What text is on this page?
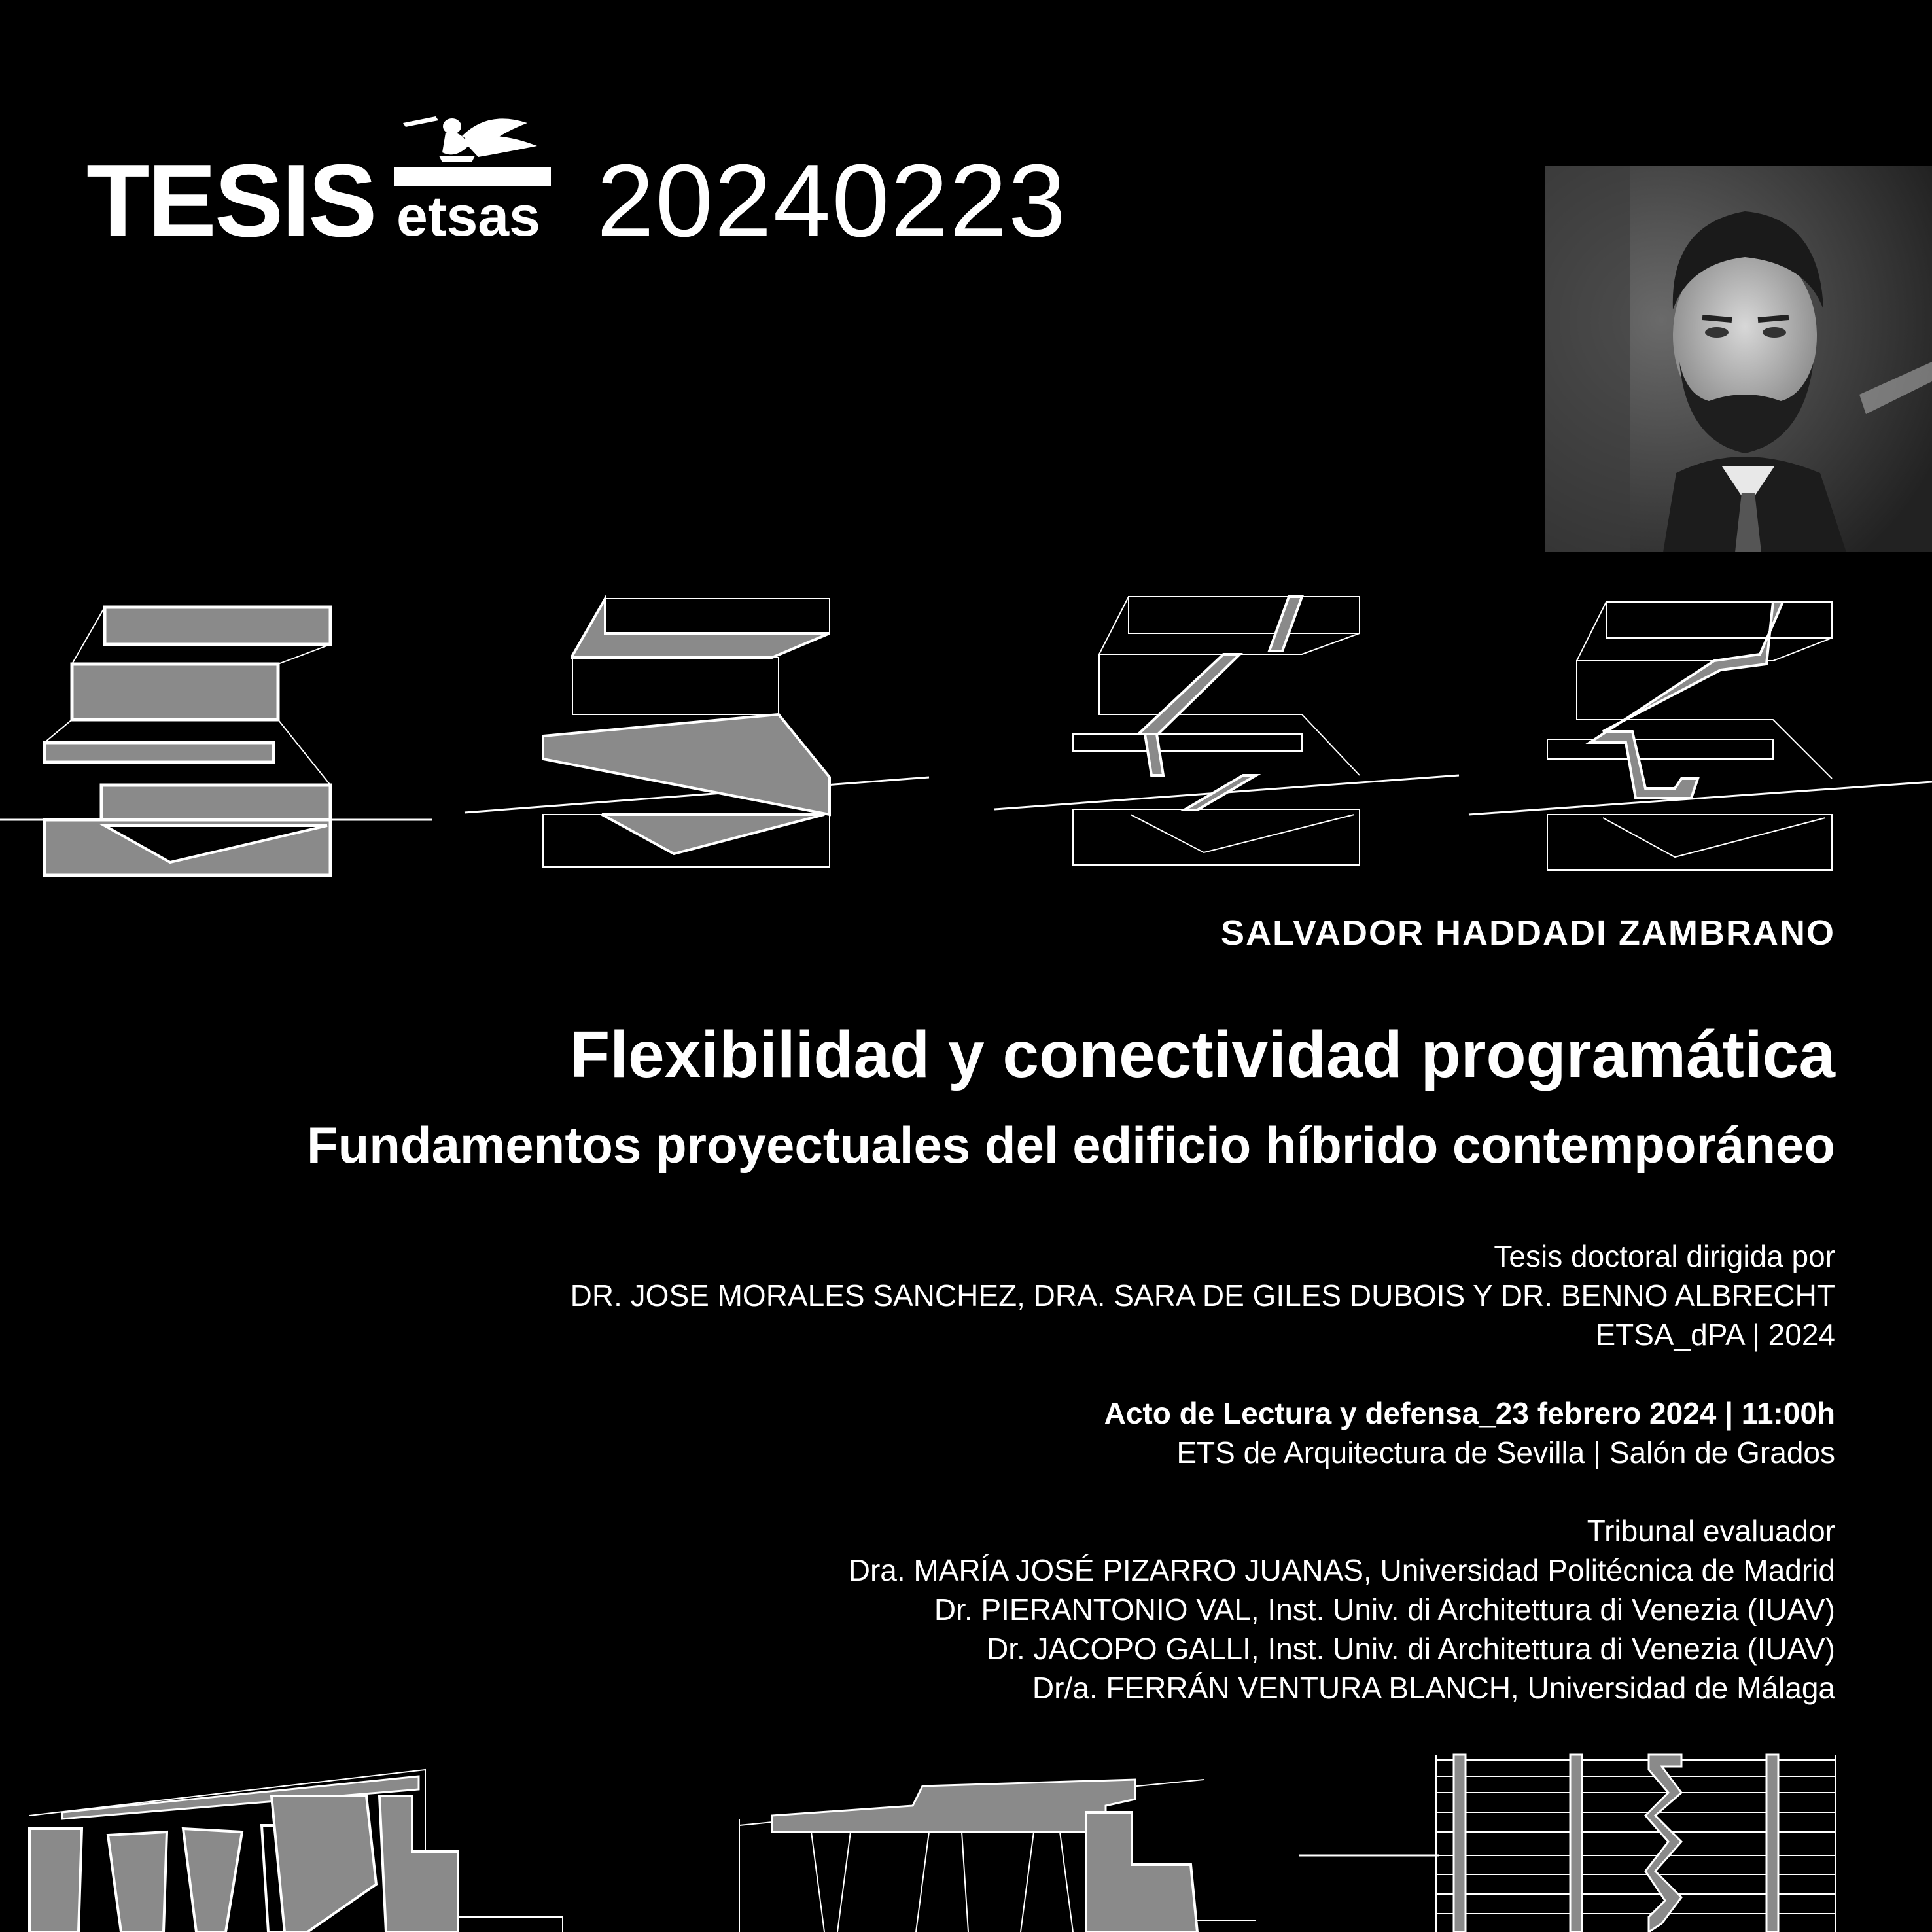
TESIS etsas 20240223
SALVADOR HADDADI ZAMBRANO
Flexibilidad y conectividad programática
Fundamentos proyectuales del edificio híbrido contemporáneo
Tesis doctoral dirigida por
DR. JOSE MORALES SANCHEZ, DRA. SARA DE GILES DUBOIS Y DR. BENNO ALBRECHT
ETSA_dPA | 2024
Acto de Lectura y defensa_23 febrero 2024 | 11:00h
ETS de Arquitectura de Sevilla | Salón de Grados
Tribunal evaluador
Dra. MARÍA JOSÉ PIZARRO JUANAS, Universidad Politécnica de Madrid
Dr. PIERANTONIO VAL, Inst. Univ. di Architettura di Venezia (IUAV)
Dr. JACOPO GALLI, Inst. Univ. di Architettura di Venezia (IUAV)
Dr/a. FERRÁN VENTURA BLANCH, Universidad de Málaga
